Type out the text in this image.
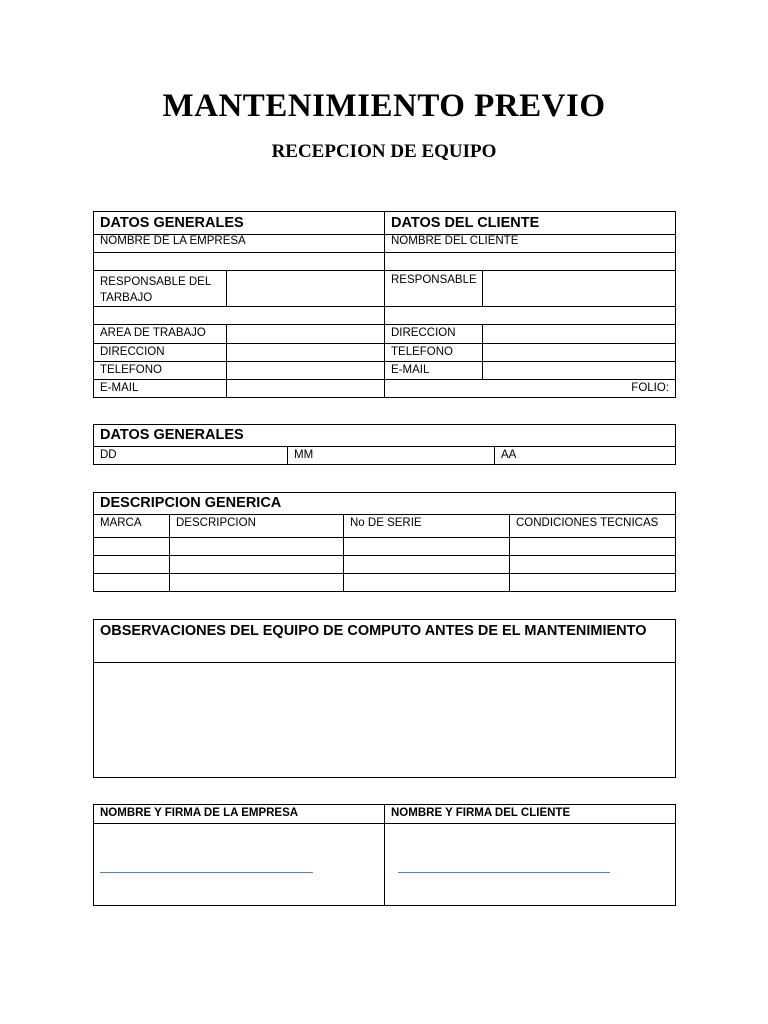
MANTENIMIENTO PREVIO
RECEPCION DE EQUIPO
DATOS GENERALES		DATOS DEL CLIENTE	
NOMBRE DE LA EMPRESA		NOMBRE DEL CLIENTE	

RESPONSABLE DEL TARBAJO		RESPONSABLE	

AREA DE TRABAJO		DIRECCION	
DIRECCION		TELEFONO	
TELEFONO		E-MAIL	
E-MAIL		FOLIO:	
DATOS GENERALES
DD	MM	AA
DESCRIPCION GENERICA			
MARCA	DESCRIPCION	No DE SERIE	CONDICIONES TECNICAS

OBSERVACIONES DEL EQUIPO DE COMPUTO ANTES DE EL MANTENIMIENTO

NOMBRE Y FIRMA DE LA EMPRESA	NOMBRE Y FIRMA DEL CLIENTE
